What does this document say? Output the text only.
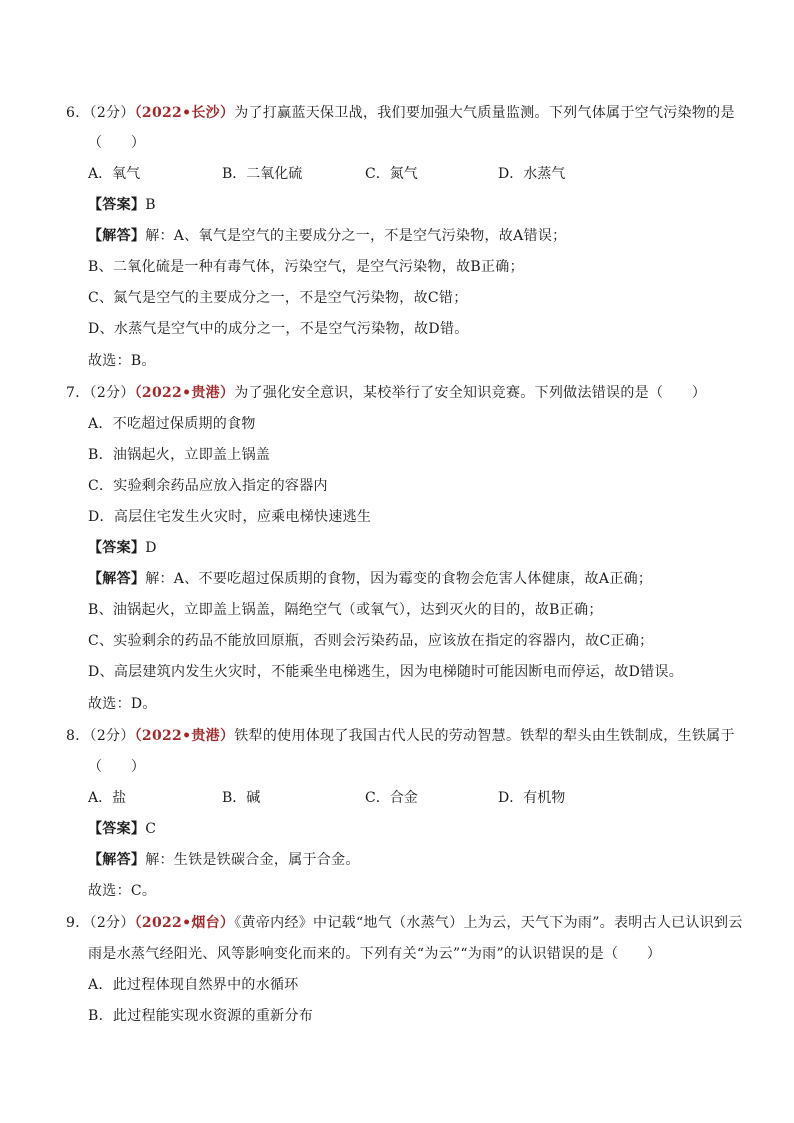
6．（2分）（2022•长沙）为了打赢蓝天保卫战，我们要加强大气质量监测。下列气体属于空气污染物的是
（　　）
A．氧气	B．二氧化硫	C．氮气	D．水蒸气
【答案】B
【解答】解：A、氧气是空气的主要成分之一，不是空气污染物，故A错误；
B、二氧化硫是一种有毒气体，污染空气，是空气污染物，故B正确；
C、氮气是空气的主要成分之一，不是空气污染物，故C错；
D、水蒸气是空气中的成分之一，不是空气污染物，故D错。
故选：B。
7．（2分）（2022•贵港）为了强化安全意识，某校举行了安全知识竞赛。下列做法错误的是（　　）
A．不吃超过保质期的食物
B．油锅起火，立即盖上锅盖
C．实验剩余药品应放入指定的容器内
D．高层住宅发生火灾时，应乘电梯快速逃生
【答案】D
【解答】解：A、不要吃超过保质期的食物，因为霉变的食物会危害人体健康，故A正确；
B、油锅起火，立即盖上锅盖，隔绝空气（或氧气），达到灭火的目的，故B正确；
C、实验剩余的药品不能放回原瓶，否则会污染药品，应该放在指定的容器内，故C正确；
D、高层建筑内发生火灾时，不能乘坐电梯逃生，因为电梯随时可能因断电而停运，故D错误。
故选：D。
8．（2分）（2022•贵港）铁犁的使用体现了我国古代人民的劳动智慧。铁犁的犁头由生铁制成，生铁属于
（　　）
A．盐	B．碱	C．合金	D．有机物
【答案】C
【解答】解：生铁是铁碳合金，属于合金。
故选：C。
9．（2分）（2022•烟台）《黄帝内经》中记载“地气（水蒸气）上为云，天气下为雨”。表明古人已认识到云
雨是水蒸气经阳光、风等影响变化而来的。下列有关“为云”“为雨”的认识错误的是（　　）
A．此过程体现自然界中的水循环
B．此过程能实现水资源的重新分布
